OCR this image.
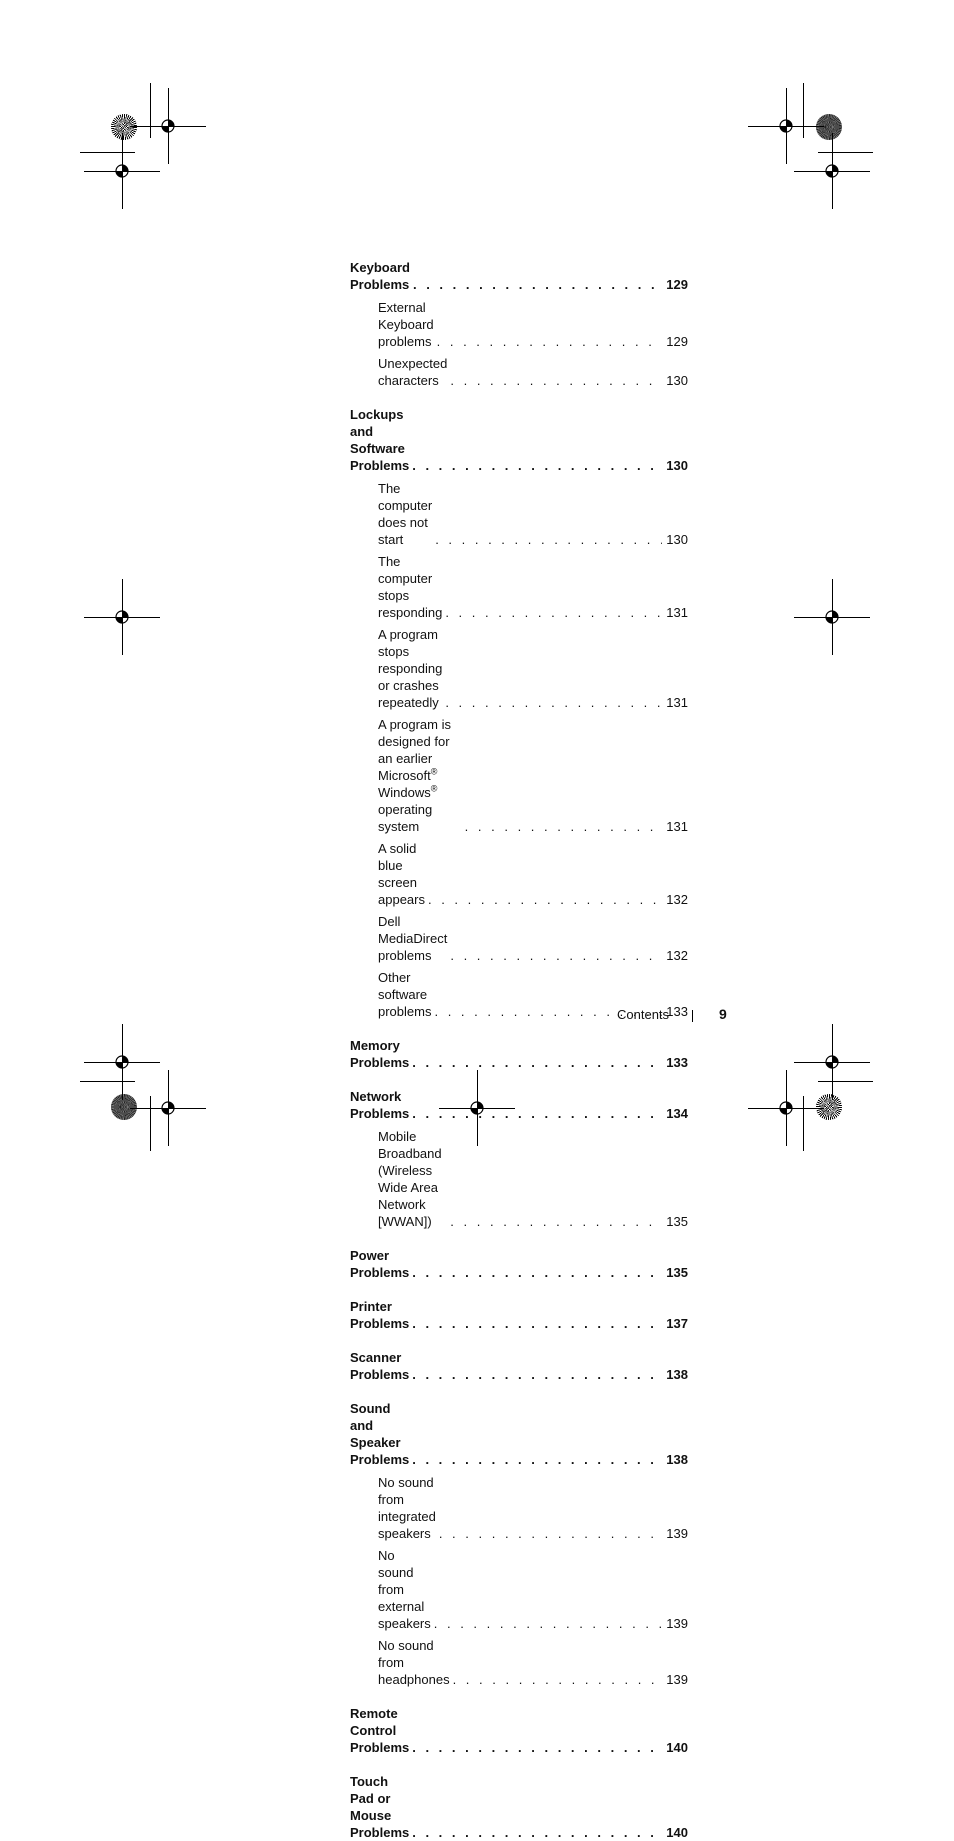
Keyboard Problems . . .	129
External Keyboard problems . . .	129
Unexpected characters . . .	130
Lockups and Software Problems . . .	130
The computer does not start . . .	130
The computer stops responding . . .	131
A program stops responding or crashes repeatedly . . .	131
A program is designed for an earlier Microsoft® Windows® operating system . . .	131
A solid blue screen appears . . .	132
Dell MediaDirect problems . . .	132
Other software problems . . .	133
Memory Problems . . .	133
Network Problems . . .	134
Mobile Broadband (Wireless Wide Area Network [WWAN]) . . .	135
Power Problems . . .	135
Printer Problems . . .	137
Scanner Problems . . .	138
Sound and Speaker Problems . . .	138
No sound from integrated speakers . . .	139
No sound from external speakers . . .	139
No sound from headphones . . .	139
Remote Control Problems . . .	140
Touch Pad or Mouse Problems . . .	140
Contents	9
